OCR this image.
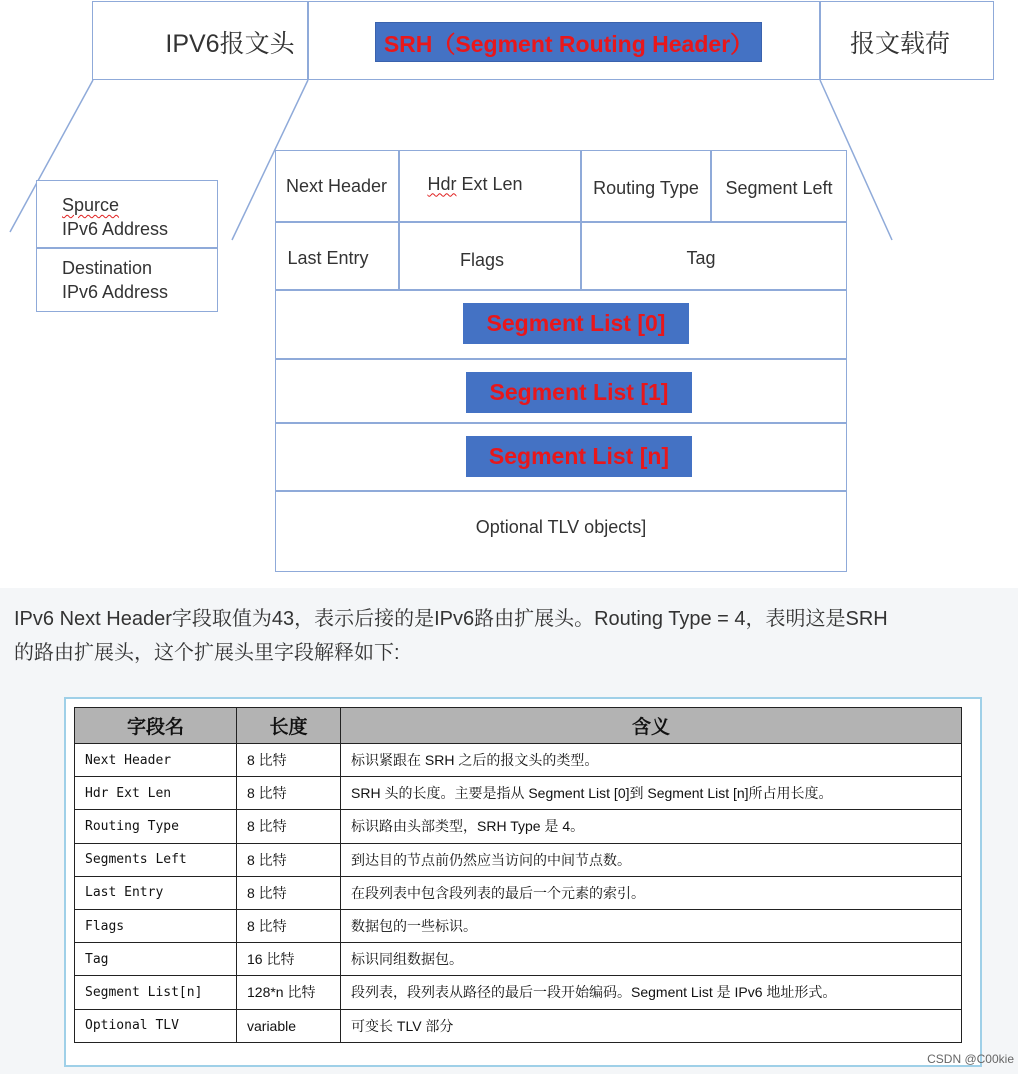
IPV6报文头	SRH（Segment Routing Header）	报文载荷
Spurce
IPv6 Address
Destination
IPv6 Address
Next Header	Hdr Ext Len	Routing Type	Segment Left
Last Entry	Flags	Tag
Segment List [0]
Segment List [1]
Segment List [n]
Optional TLV objects]
IPv6 Next Header字段取值为43，表示后接的是IPv6路由扩展头。Routing Type = 4，表明这是SRH
的路由扩展头，这个扩展头里字段解释如下:
字段名	长度	含义
Next Header	8 比特	标识紧跟在 SRH 之后的报文头的类型。
Hdr Ext Len	8 比特	SRH 头的长度。主要是指从 Segment List [0]到 Segment List [n]所占用长度。
Routing Type	8 比特	标识路由头部类型，SRH Type 是 4。
Segments Left	8 比特	到达目的节点前仍然应当访问的中间节点数。
Last Entry	8 比特	在段列表中包含段列表的最后一个元素的索引。
Flags	8 比特	数据包的一些标识。
Tag	16 比特	标识同组数据包。
Segment List[n]	128*n 比特	段列表，段列表从路径的最后一段开始编码。Segment List 是 IPv6 地址形式。
Optional TLV	variable	可变长 TLV 部分
CSDN @C00kie
